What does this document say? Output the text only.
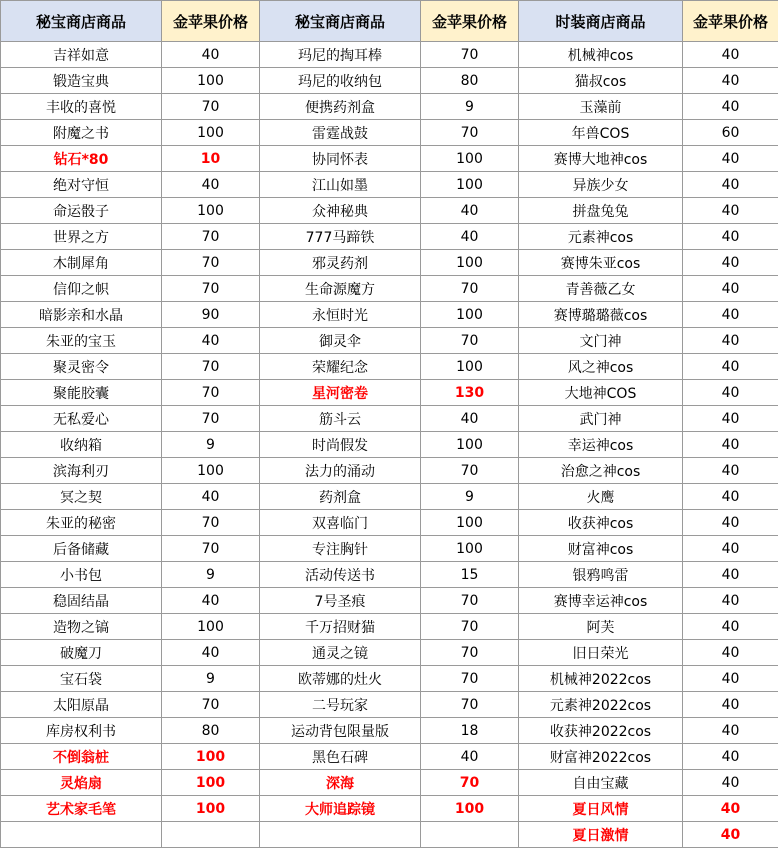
秘宝商店商品	金苹果价格	秘宝商店商品	金苹果价格	时装商店商品	金苹果价格
吉祥如意	40	玛尼的掏耳棒	70	机械神cos	40
锻造宝典	100	玛尼的收纳包	80	猫叔cos	40
丰收的喜悦	70	便携药剂盒	9	玉藻前	40
附魔之书	100	雷霆战鼓	70	年兽COS	60
钻石*80	10	协同怀表	100	赛博大地神cos	40
绝对守恒	40	江山如墨	100	异族少女	40
命运骰子	100	众神秘典	40	拼盘兔兔	40
世界之方	70	777马蹄铁	40	元素神cos	40
木制犀角	70	邪灵药剂	100	赛博朱亚cos	40
信仰之帜	70	生命源魔方	70	青善薇乙女	40
暗影亲和水晶	90	永恒时光	100	赛博璐璐薇cos	40
朱亚的宝玉	40	御灵伞	70	文门神	40
聚灵密令	70	荣耀纪念	100	风之神cos	40
聚能胶囊	70	星河密卷	130	大地神COS	40
无私爱心	70	筋斗云	40	武门神	40
收纳箱	9	时尚假发	100	幸运神cos	40
滨海利刃	100	法力的涌动	70	治愈之神cos	40
冥之契	40	药剂盒	9	火鹰	40
朱亚的秘密	70	双喜临门	100	收获神cos	40
后备储藏	70	专注胸针	100	财富神cos	40
小书包	9	活动传送书	15	银鸦鸣雷	40
稳固结晶	40	7号圣痕	70	赛博幸运神cos	40
造物之镐	100	千万招财猫	70	阿芙	40
破魔刀	40	通灵之镜	70	旧日荣光	40
宝石袋	9	欧蒂娜的灶火	70	机械神2022cos	40
太阳原晶	70	二号玩家	70	元素神2022cos	40
库房权利书	80	运动背包限量版	18	收获神2022cos	40
不倒翁桩	100	黑色石碑	40	财富神2022cos	40
灵焰扇	100	深海	70	自由宝藏	40
艺术家毛笔	100	大师追踪镜	100	夏日风情	40
				夏日激情	40
